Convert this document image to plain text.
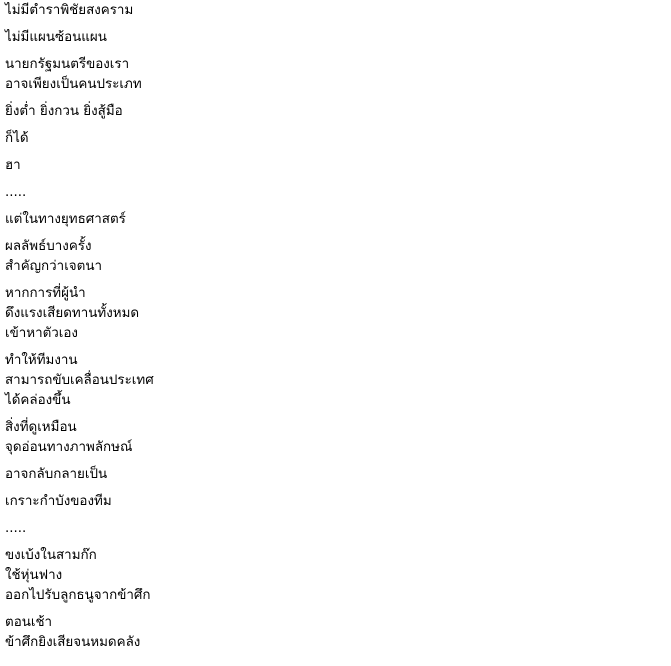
ไม่มีตำราพิชัยสงคราม

ไม่มีแผนซ้อนแผน

นายกรัฐมนตรีของเรา
อาจเพียงเป็นคนประเภท

ยิ่งต่ำ ยิ่งกวน ยิ่งสู้มือ

ก็ได้

ฮา

.....

แต่ในทางยุทธศาสตร์

ผลลัพธ์บางครั้ง
สำคัญกว่าเจตนา

หากการที่ผู้นำ
ดึงแรงเสียดทานทั้งหมด
เข้าหาตัวเอง

ทำให้ทีมงาน
สามารถขับเคลื่อนประเทศ
ได้คล่องขึ้น

สิ่งที่ดูเหมือน
จุดอ่อนทางภาพลักษณ์

อาจกลับกลายเป็น

เกราะกำบังของทีม

.....

ขงเบ้งในสามก๊ก
ใช้หุ่นฟาง
ออกไปรับลูกธนูจากข้าศึก

ตอนเช้า
ข้าศึกยิงเสียจนหมดคลัง
